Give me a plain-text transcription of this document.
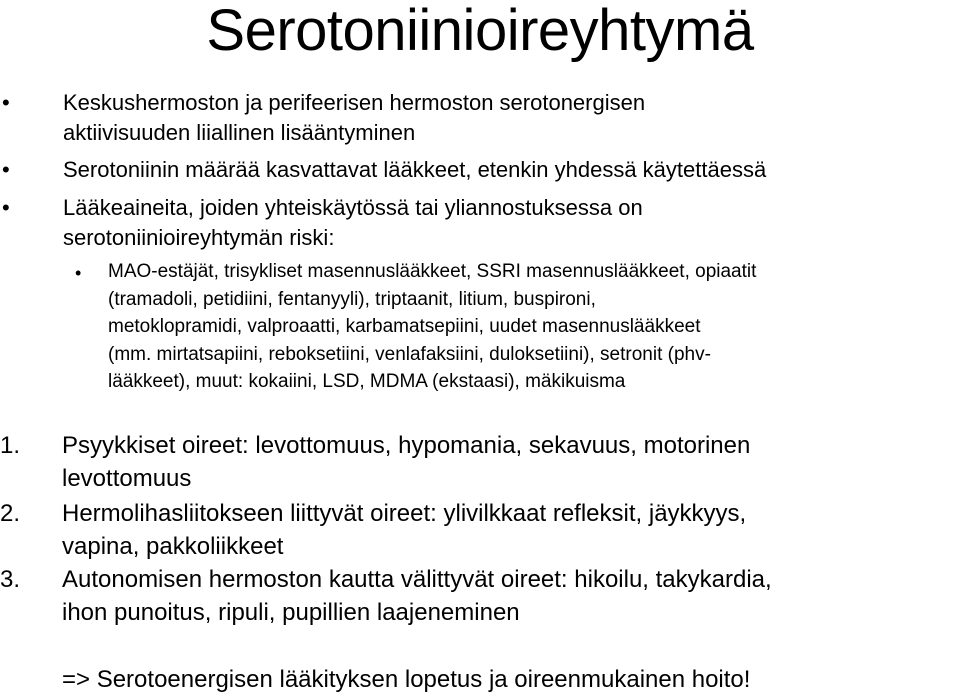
Serotoniinioireyhtymä
• Keskushermoston ja perifeerisen hermoston serotonergisen
aktiivisuuden liiallinen lisääntyminen
• Serotoniinin määrää kasvattavat lääkkeet, etenkin yhdessä käytettäessä
• Lääkeaineita, joiden yhteiskäytössä tai yliannostuksessa on
serotoniinioireyhtymän riski:
• MAO-estäjät, trisykliset masennuslääkkeet, SSRI masennuslääkkeet, opiaatit
(tramadoli, petidiini, fentanyyli), triptaanit, litium, buspironi,
metoklopramidi, valproaatti, karbamatsepiini, uudet masennuslääkkeet
(mm. mirtatsapiini, reboksetiini, venlafaksiini, duloksetiini), setronit (phv-
lääkkeet), muut: kokaiini, LSD, MDMA (ekstaasi), mäkikuisma
1. Psyykkiset oireet: levottomuus, hypomania, sekavuus, motorinen
levottomuus
2. Hermolihasliitokseen liittyvät oireet: ylivilkkaat refleksit, jäykkyys,
vapina, pakkoliikkeet
3. Autonomisen hermoston kautta välittyvät oireet: hikoilu, takykardia,
ihon punoitus, ripuli, pupillien laajeneminen
=> Serotoenergisen lääkityksen lopetus ja oireenmukainen hoito!
